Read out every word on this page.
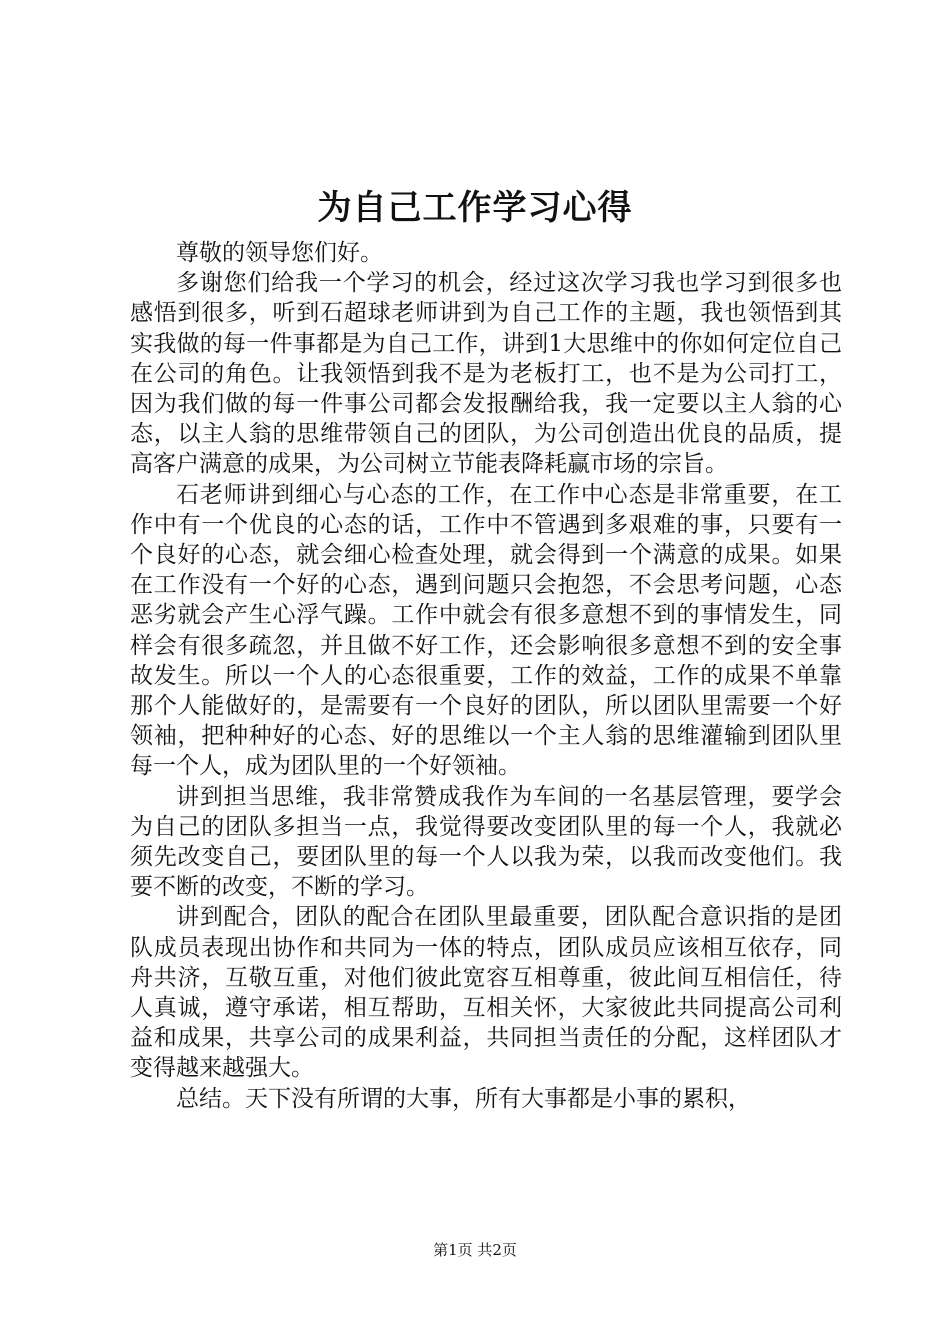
为自己工作学习心得

尊敬的领导您们好。

多谢您们给我一个学习的机会，经过这次学习我也学习到很多也感悟到很多，听到石超球老师讲到为自己工作的主题，我也领悟到其实我做的每一件事都是为自己工作，讲到1大思维中的你如何定位自己在公司的角色。让我领悟到我不是为老板打工，也不是为公司打工，因为我们做的每一件事公司都会发报酬给我，我一定要以主人翁的心态，以主人翁的思维带领自己的团队，为公司创造出优良的品质，提高客户满意的成果，为公司树立节能表降耗赢市场的宗旨。

石老师讲到细心与心态的工作，在工作中心态是非常重要，在工作中有一个优良的心态的话，工作中不管遇到多艰难的事，只要有一个良好的心态，就会细心检查处理，就会得到一个满意的成果。如果在工作没有一个好的心态，遇到问题只会抱怨，不会思考问题，心态恶劣就会产生心浮气躁。工作中就会有很多意想不到的事情发生，同样会有很多疏忽，并且做不好工作，还会影响很多意想不到的安全事故发生。所以一个人的心态很重要，工作的效益，工作的成果不单靠那个人能做好的，是需要有一个良好的团队，所以团队里需要一个好领袖，把种种好的心态、好的思维以一个主人翁的思维灌输到团队里每一个人，成为团队里的一个好领袖。

讲到担当思维，我非常赞成我作为车间的一名基层管理，要学会为自己的团队多担当一点，我觉得要改变团队里的每一个人，我就必须先改变自己，要团队里的每一个人以我为荣，以我而改变他们。我要不断的改变，不断的学习。

讲到配合，团队的配合在团队里最重要，团队配合意识指的是团队成员表现出协作和共同为一体的特点，团队成员应该相互依存，同舟共济，互敬互重，对他们彼此宽容互相尊重，彼此间互相信任，待人真诚，遵守承诺，相互帮助，互相关怀，大家彼此共同提高公司利益和成果，共享公司的成果利益，共同担当责任的分配，这样团队才变得越来越强大。

总结。天下没有所谓的大事，所有大事都是小事的累积，

第1页 共2页
